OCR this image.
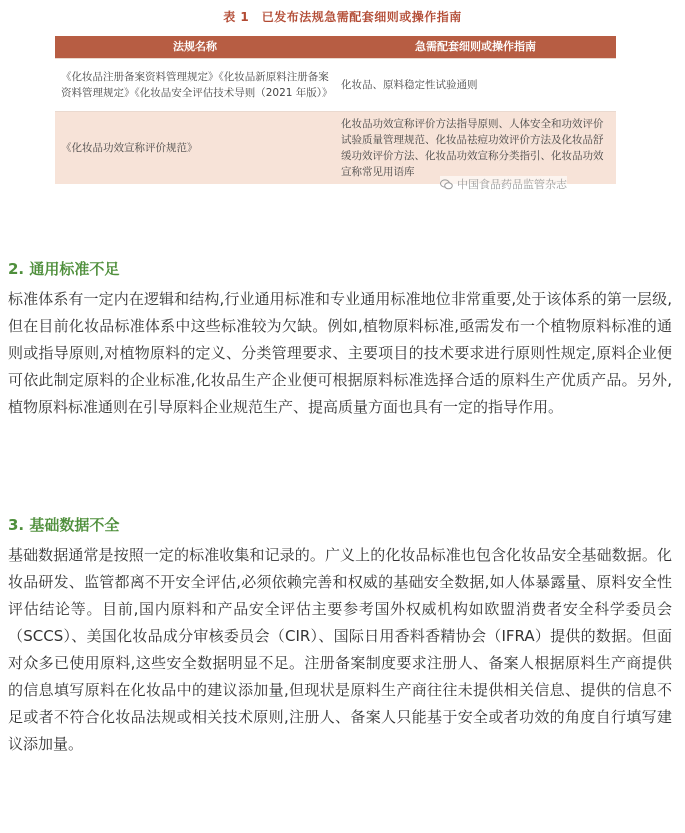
表 1　已发布法规急需配套细则或操作指南
法规名称	急需配套细则或操作指南
《化妆品注册备案资料管理规定》《化妆品新原料注册备案资料管理规定》《化妆品安全评估技术导则（2021 年版）》	化妆品、原料稳定性试验通则
《化妆品功效宣称评价规范》	化妆品功效宣称评价方法指导原则、人体安全和功效评价试验质量管理规范、化妆品祛痘功效评价方法及化妆品舒缓功效评价方法、化妆品功效宣称分类指引、化妆品功效宣称常见用语库
中国食品药品监管杂志
2. 通用标准不足

标准体系有一定内在逻辑和结构,行业通用标准和专业通用标准地位非常重要,处于该体系的第一层级,但在目前化妆品标准体系中这些标准较为欠缺。例如,植物原料标准,亟需发布一个植物原料标准的通则或指导原则,对植物原料的定义、分类管理要求、主要项目的技术要求进行原则性规定,原料企业便可依此制定原料的企业标准,化妆品生产企业便可根据原料标准选择合适的原料生产优质产品。另外,植物原料标准通则在引导原料企业规范生产、提高质量方面也具有一定的指导作用。

3. 基础数据不全

基础数据通常是按照一定的标准收集和记录的。广义上的化妆品标准也包含化妆品安全基础数据。化妆品研发、监管都离不开安全评估,必须依赖完善和权威的基础安全数据,如人体暴露量、原料安全性评估结论等。目前,国内原料和产品安全评估主要参考国外权威机构如欧盟消费者安全科学委员会（SCCS）、美国化妆品成分审核委员会（CIR）、国际日用香料香精协会（IFRA）提供的数据。但面对众多已使用原料,这些安全数据明显不足。注册备案制度要求注册人、备案人根据原料生产商提供的信息填写原料在化妆品中的建议添加量,但现状是原料生产商往往未提供相关信息、提供的信息不足或者不符合化妆品法规或相关技术原则,注册人、备案人只能基于安全或者功效的角度自行填写建议添加量。
